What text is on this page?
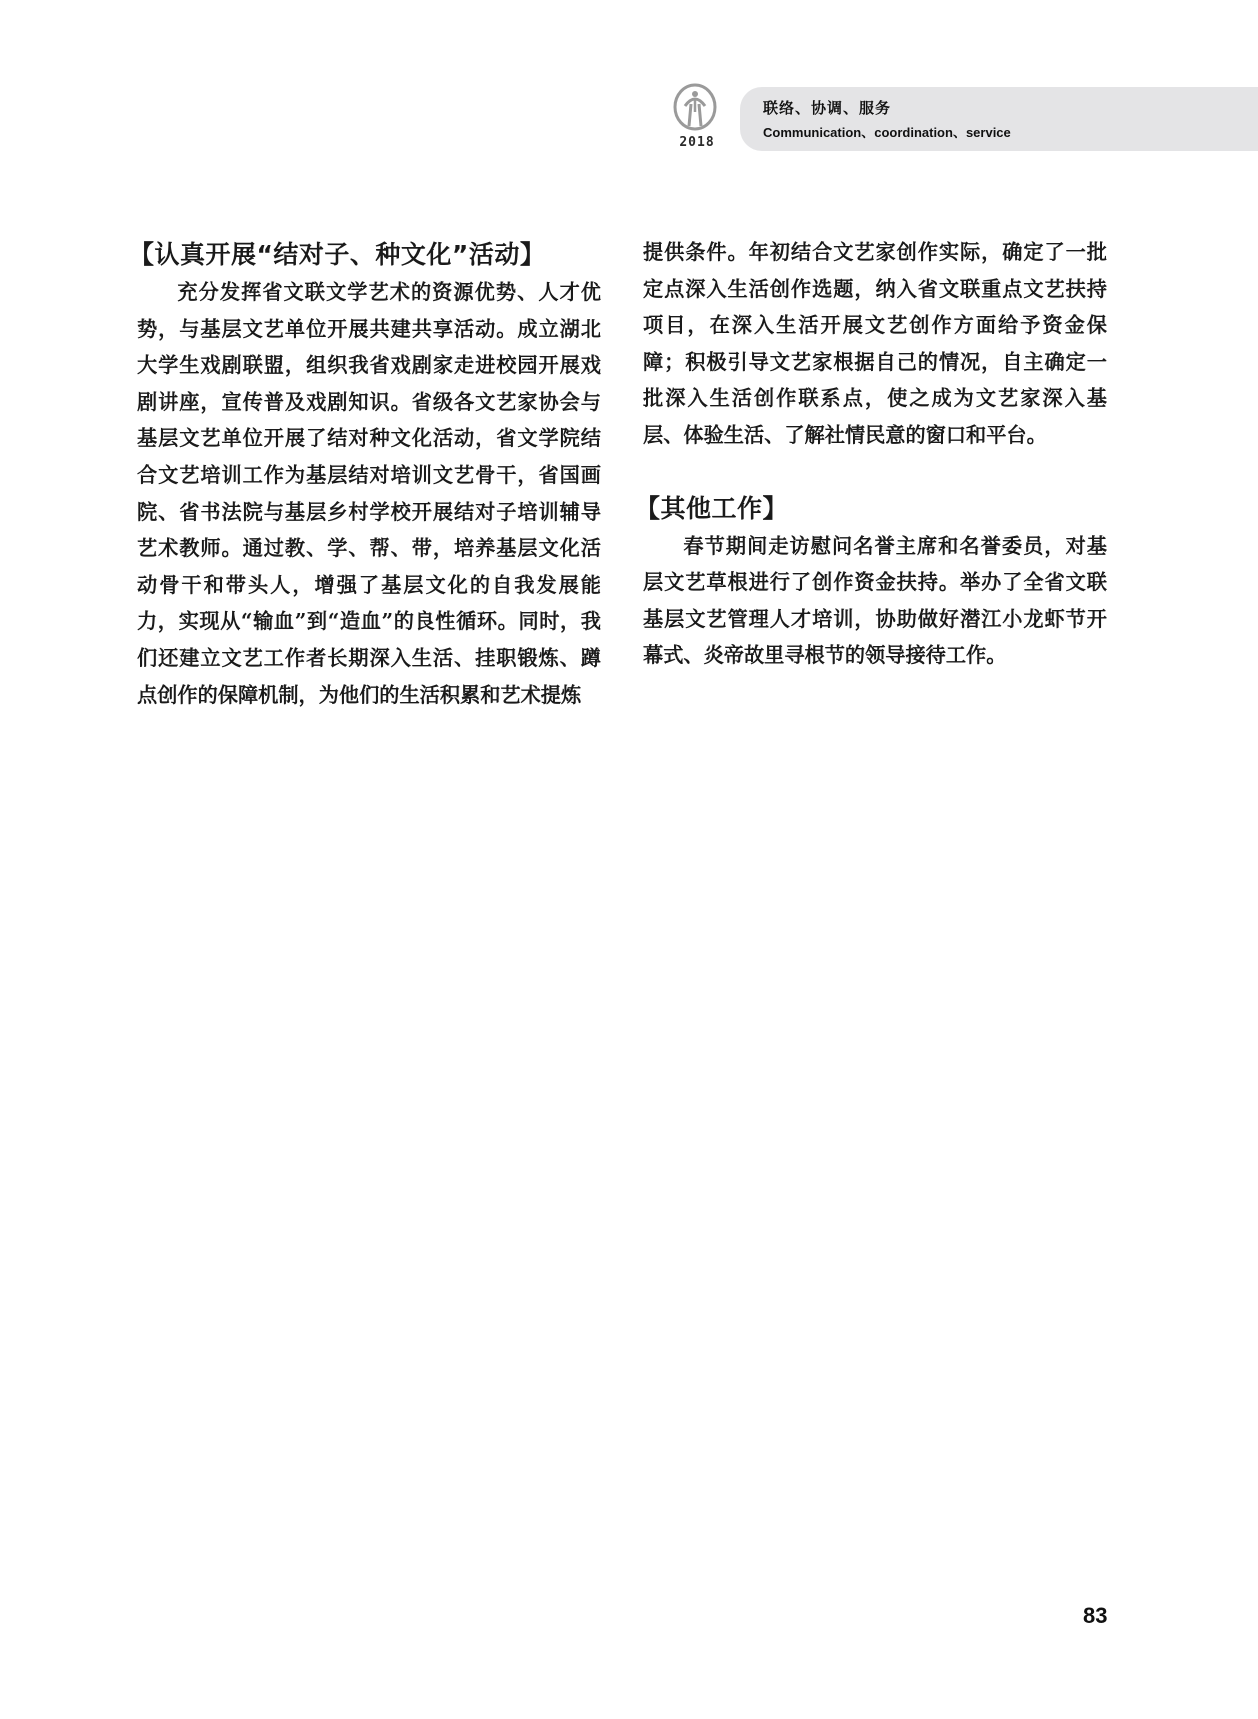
2018
联络、协调、服务
Communication、coordination、service
【认真开展“结对子、种文化”活动】

充分发挥省文联文学艺术的资源优势、人才优势，与基层文艺单位开展共建共享活动。成立湖北大学生戏剧联盟，组织我省戏剧家走进校园开展戏剧讲座，宣传普及戏剧知识。省级各文艺家协会与基层文艺单位开展了结对种文化活动，省文学院结合文艺培训工作为基层结对培训文艺骨干，省国画院、省书法院与基层乡村学校开展结对子培训辅导艺术教师。通过教、学、帮、带，培养基层文化活动骨干和带头人，增强了基层文化的自我发展能力，实现从“输血”到“造血”的良性循环。同时，我们还建立文艺工作者长期深入生活、挂职锻炼、蹲点创作的保障机制，为他们的生活积累和艺术提炼

提供条件。年初结合文艺家创作实际，确定了一批定点深入生活创作选题，纳入省文联重点文艺扶持项目，在深入生活开展文艺创作方面给予资金保障；积极引导文艺家根据自己的情况，自主确定一批深入生活创作联系点，使之成为文艺家深入基层、体验生活、了解社情民意的窗口和平台。

【其他工作】

春节期间走访慰问名誉主席和名誉委员，对基层文艺草根进行了创作资金扶持。举办了全省文联基层文艺管理人才培训，协助做好潜江小龙虾节开幕式、炎帝故里寻根节的领导接待工作。

83
